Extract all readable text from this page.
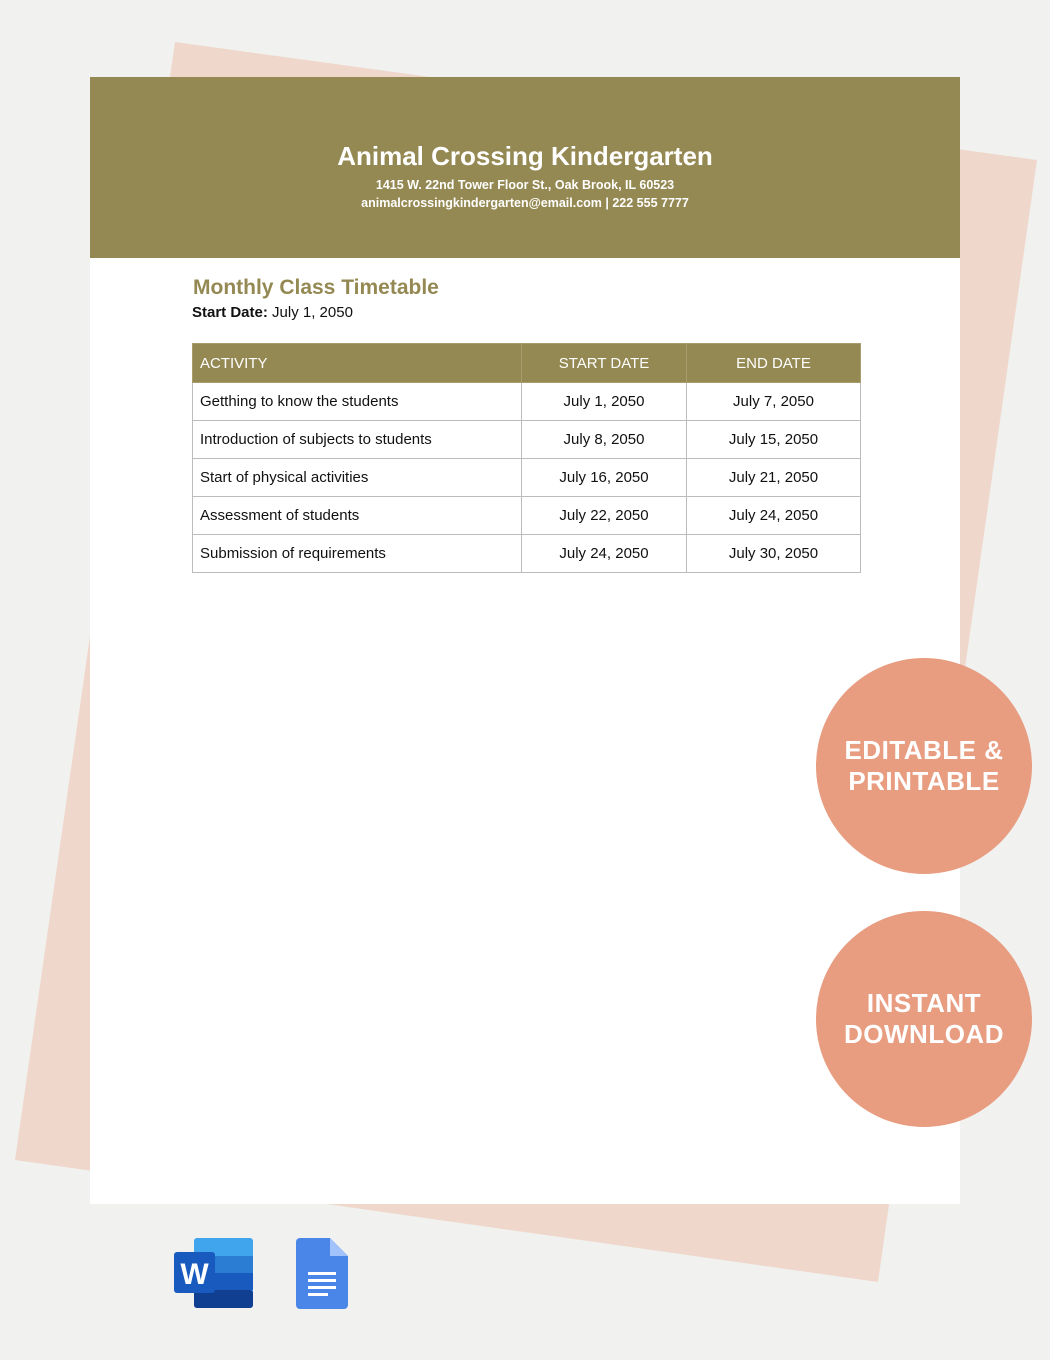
Animal Crossing Kindergarten
1415 W. 22nd Tower Floor St., Oak Brook, IL 60523
animalcrossingkindergarten@email.com | 222 555 7777
Monthly Class Timetable
Start Date: July 1, 2050
ACTIVITY	START DATE	END DATE
Getthing to know the students	July 1, 2050	July 7, 2050
Introduction of subjects to students	July 8, 2050	July 15, 2050
Start of physical activities	July 16, 2050	July 21, 2050
Assessment of students	July 22, 2050	July 24, 2050
Submission of requirements	July 24, 2050	July 30, 2050
EDITABLE &
PRINTABLE
INSTANT
DOWNLOAD
W
